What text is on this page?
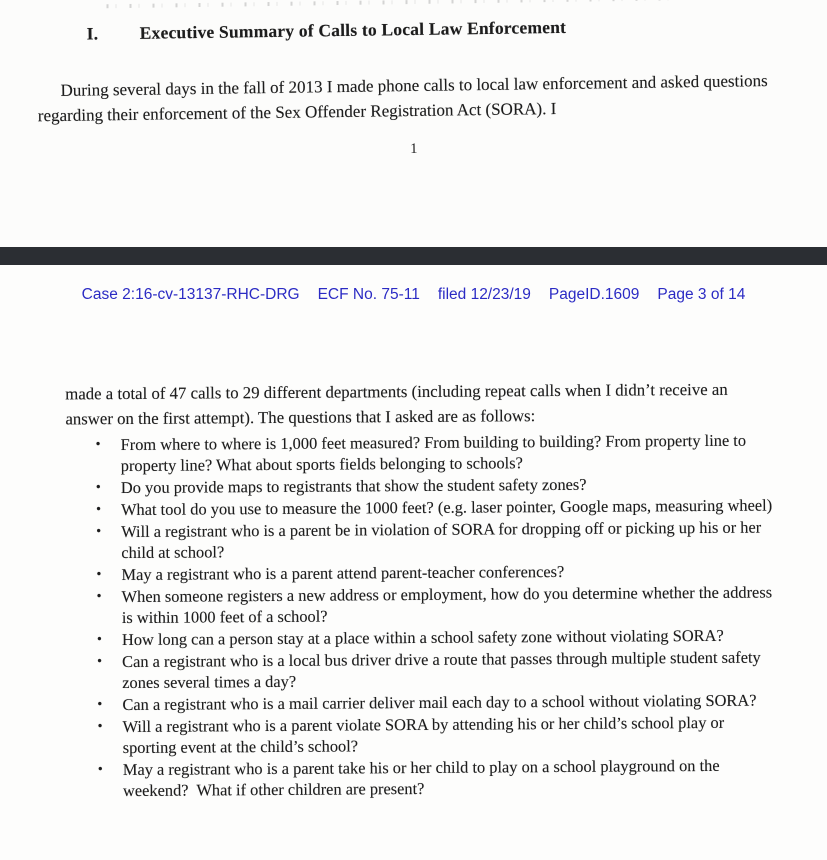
I.	Executive Summary of Calls to Local Law Enforcement

During several days in the fall of 2013 I made phone calls to local law enforcement and asked questions regarding their enforcement of the Sex Offender Registration Act (SORA). I

1
Case 2:16-cv-13137-RHC-DRG ECF No. 75-11 filed 12/23/19 PageID.1609 Page 3 of 14

made a total of 47 calls to 29 different departments (including repeat calls when I didn’t receive an answer on the first attempt). The questions that I asked are as follows:

•	From where to where is 1,000 feet measured? From building to building? From property line to property line? What about sports fields belonging to schools?
•	Do you provide maps to registrants that show the student safety zones?
•	What tool do you use to measure the 1000 feet? (e.g. laser pointer, Google maps, measuring wheel)
•	Will a registrant who is a parent be in violation of SORA for dropping off or picking up his or her child at school?
•	May a registrant who is a parent attend parent-teacher conferences?
•	When someone registers a new address or employment, how do you determine whether the address is within 1000 feet of a school?
•	How long can a person stay at a place within a school safety zone without violating SORA?
•	Can a registrant who is a local bus driver drive a route that passes through multiple student safety zones several times a day?
•	Can a registrant who is a mail carrier deliver mail each day to a school without violating SORA?
•	Will a registrant who is a parent violate SORA by attending his or her child’s school play or sporting event at the child’s school?
•	May a registrant who is a parent take his or her child to play on a school playground on the weekend?  What if other children are present?
